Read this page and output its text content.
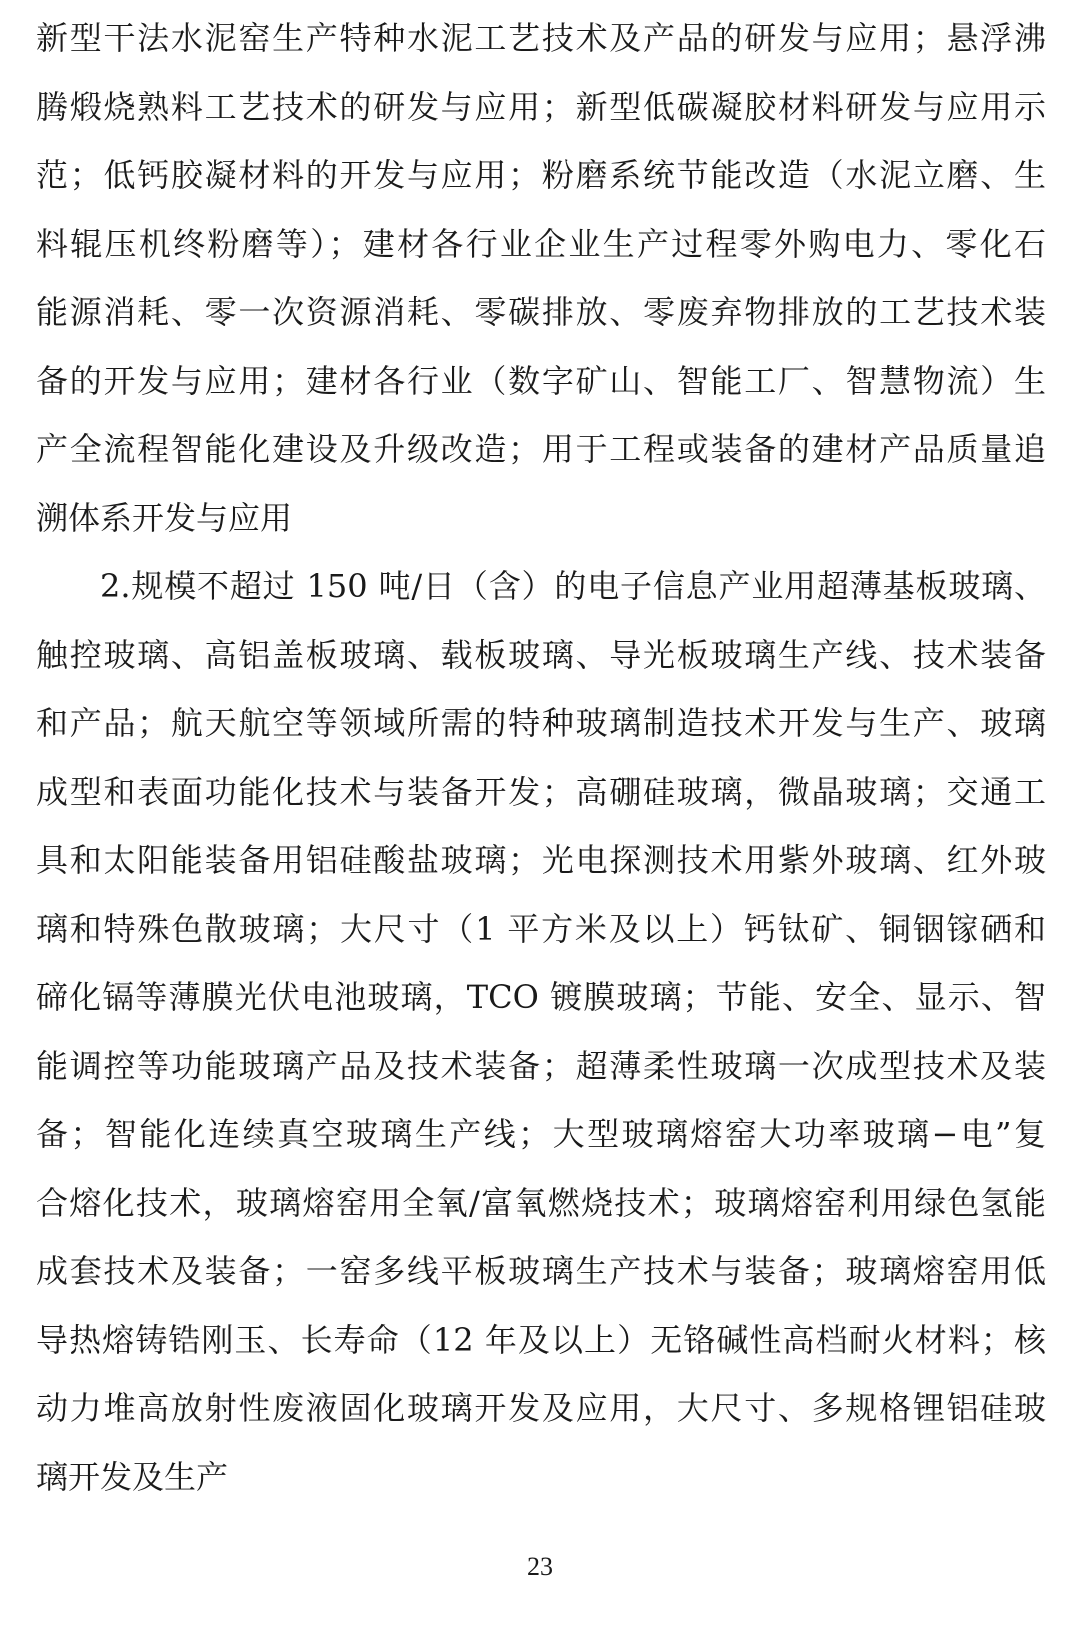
新型干法水泥窑生产特种水泥工艺技术及产品的研发与应用；悬浮沸
腾煅烧熟料工艺技术的研发与应用；新型低碳凝胶材料研发与应用示
范；低钙胶凝材料的开发与应用；粉磨系统节能改造（水泥立磨、生
料辊压机终粉磨等）；建材各行业企业生产过程零外购电力、零化石
能源消耗、零一次资源消耗、零碳排放、零废弃物排放的工艺技术装
备的开发与应用；建材各行业（数字矿山、智能工厂、智慧物流）生
产全流程智能化建设及升级改造；用于工程或装备的建材产品质量追
溯体系开发与应用
2.规模不超过 150 吨/日（含）的电子信息产业用超薄基板玻璃、
触控玻璃、高铝盖板玻璃、载板玻璃、导光板玻璃生产线、技术装备
和产品；航天航空等领域所需的特种玻璃制造技术开发与生产、玻璃
成型和表面功能化技术与装备开发；高硼硅玻璃，微晶玻璃；交通工
具和太阳能装备用铝硅酸盐玻璃；光电探测技术用紫外玻璃、红外玻
璃和特殊色散玻璃；大尺寸（1 平方米及以上）钙钛矿、铜铟镓硒和
碲化镉等薄膜光伏电池玻璃，TCO 镀膜玻璃；节能、安全、显示、智
能调控等功能玻璃产品及技术装备；超薄柔性玻璃一次成型技术及装
备；智能化连续真空玻璃生产线；大型玻璃熔窑大功率玻璃−电”复
合熔化技术，玻璃熔窑用全氧/富氧燃烧技术；玻璃熔窑利用绿色氢能
成套技术及装备；一窑多线平板玻璃生产技术与装备；玻璃熔窑用低
导热熔铸锆刚玉、长寿命（12 年及以上）无铬碱性高档耐火材料；核
动力堆高放射性废液固化玻璃开发及应用，大尺寸、多规格锂铝硅玻
璃开发及生产
23
